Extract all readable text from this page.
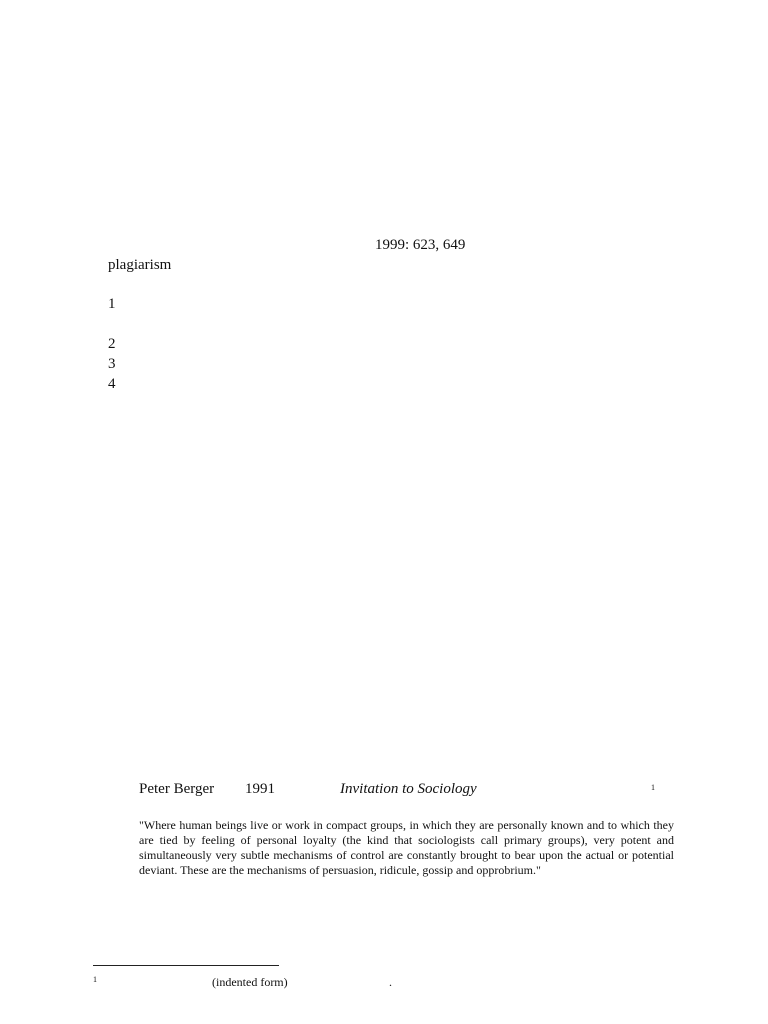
1999: 623, 649
plagiarism
1
2
3
4
Peter Berger 1991	Invitation to Sociology	1

"Where human beings live or work in compact groups, in which they are personally known and to which they are tied by feeling of personal loyalty (the kind that sociologists call primary groups), very potent and simultaneously very subtle mechanisms of control are constantly brought to bear upon the actual or potential deviant. These are the mechanisms of persuasion, ridicule, gossip and opprobrium."

1	(indented form)	.
